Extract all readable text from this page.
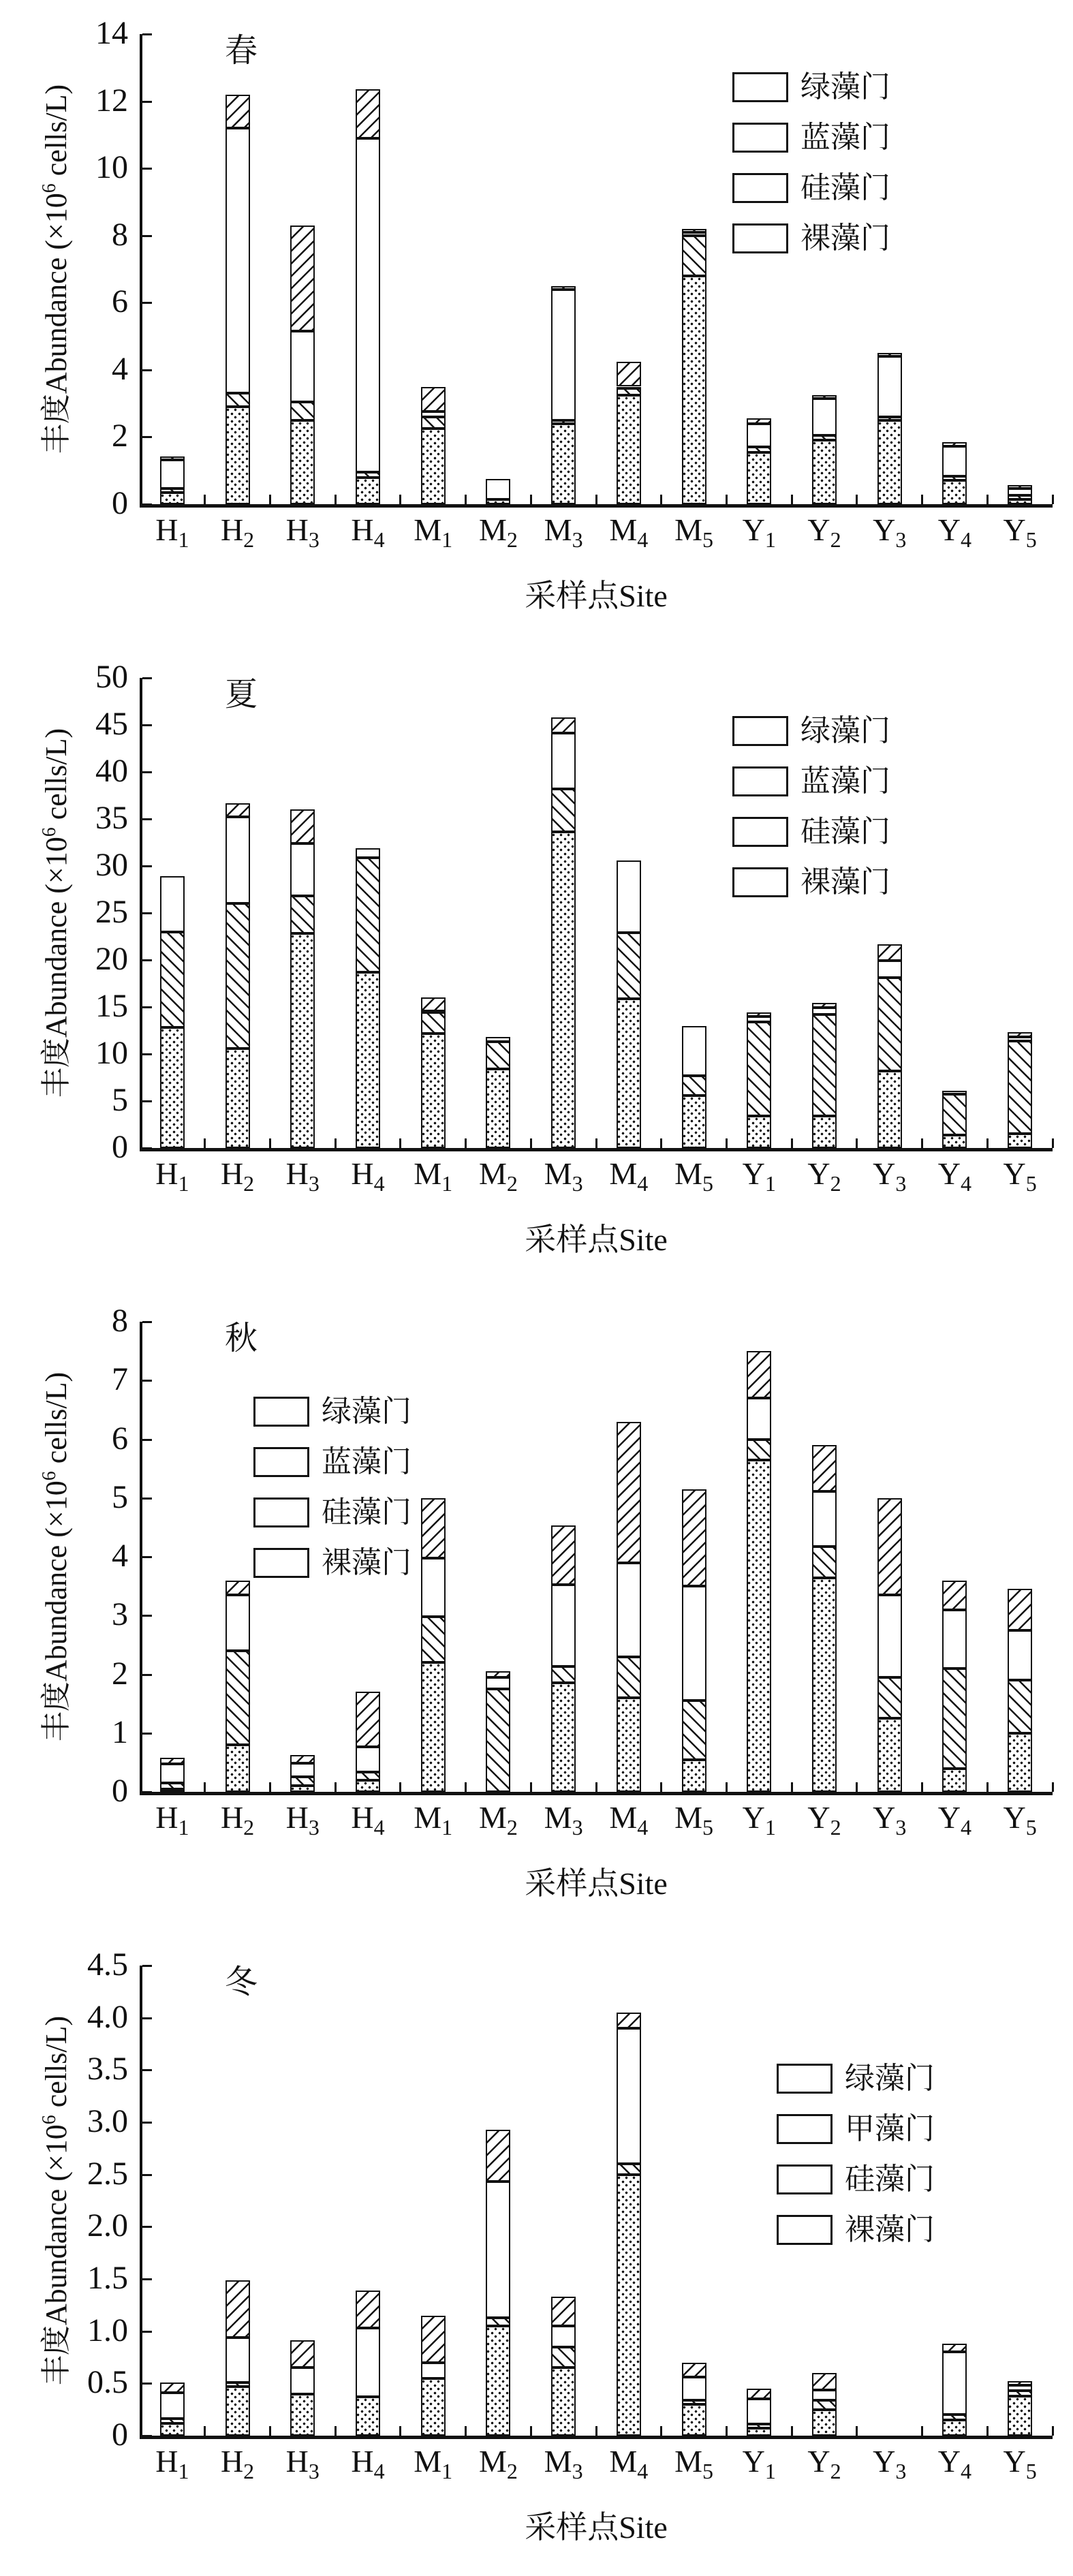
春
0
2
4
6
8
10
12
14
$H_1$	$H_2$	$H_3$	$H_4$ $M_1$ $M_2$ $M_3$ $M_4$ $M_5$ $Y_1$	$Y_2$	$Y_3$	$Y_4$	$Y_5$
采样点Site
丰度Abundance ($\times 10^6$ cells/L)	绿藻门
蓝藻门
硅藻门
裸藻门
夏
0
5
10
15
20
25
30
35
40
45
50
$H_1$	$H_2$	$H_3$	$H_4$ $M_1$ $M_2$ $M_3$ $M_4$ $M_5$ $Y_1$	$Y_2$	$Y_3$	$Y_4$	$Y_5$
采样点Site
丰度Abundance ($\times 10^6$ cells/L)	绿藻门
蓝藻门
硅藻门
裸藻门
秋
0
1
2
3
4
5
6
7
8
$H_1$	$H_2$	$H_3$	$H_4$ $M_1$ $M_2$ $M_3$ $M_4$ $M_5$ $Y_1$	$Y_2$	$Y_3$	$Y_4$	$Y_5$
采样点Site
丰度Abundance ($\times 10^6$ cells/L)	绿藻门
蓝藻门
硅藻门
裸藻门
冬
0
0.5
1.0
1.5
2.0
2.5
3.0
3.5
4.0
4.5
$H_1$	$H_2$	$H_3$	$H_4$ $M_1$ $M_2$ $M_3$ $M_4$ $M_5$ $Y_1$	$Y_2$	$Y_3$	$Y_4$	$Y_5$
采样点Site
丰度Abundance ($\times 10^6$ cells/L)	绿藻门
甲藻门
硅藻门
裸藻门
